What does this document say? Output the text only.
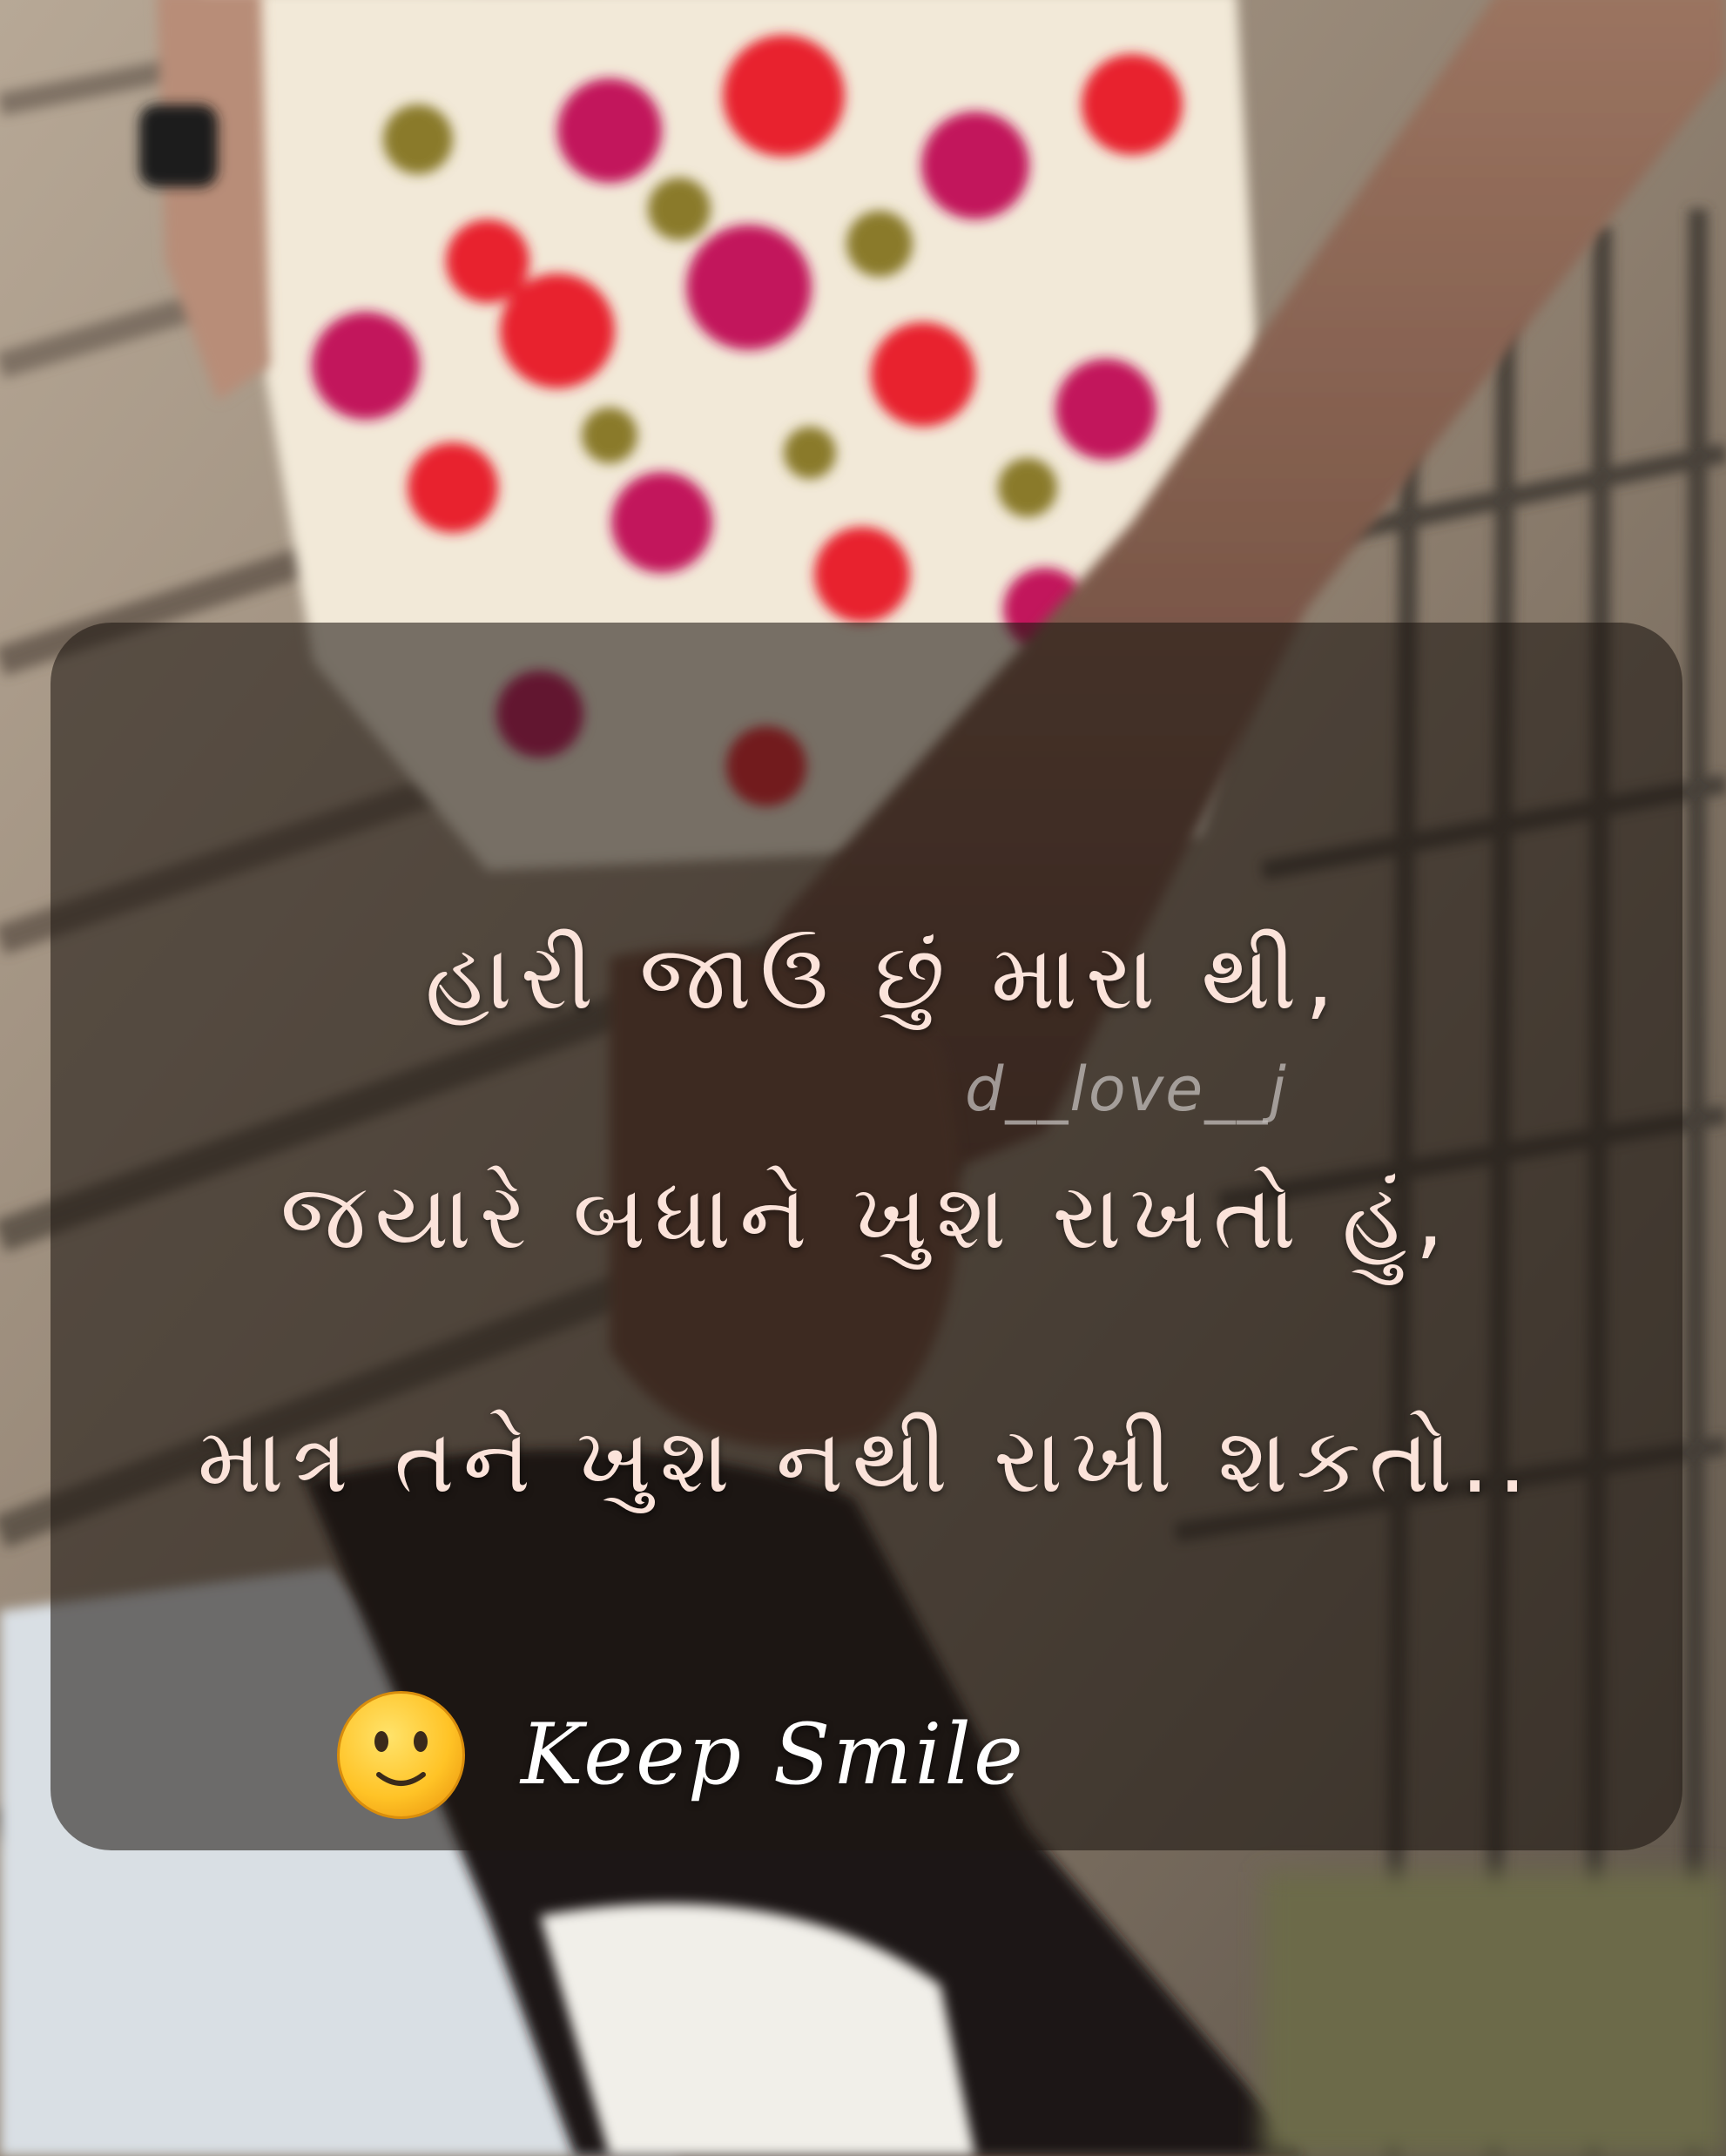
હારી જાઉ છું મારા થી,
d__love__j
જયારે બધાને ખુશ રાખતો હું,
માત્ર તને ખુશ નથી રાખી શકતો..
Keep Smile
